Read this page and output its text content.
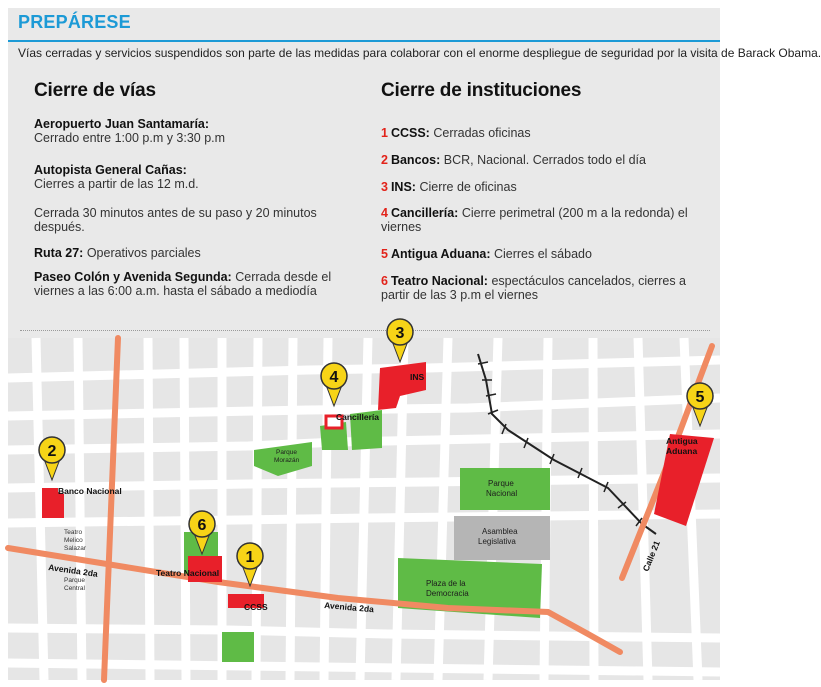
PREPÁRESE
Vías cerradas y servicios suspendidos son parte de las medidas para colaborar con el enorme despliegue de seguridad por la visita de Barack Obama.
Cierre de vías
Aeropuerto Juan Santamaría:
Cerrado entre 1:00 p.m y 3:30 p.m
Autopista General Cañas:
Cierres a partir de las 12 m.d.
Cerrada 30 minutos antes de su paso y 20 minutos después.
Ruta 27: Operativos parciales
Paseo Colón y Avenida Segunda: Cerrada desde el viernes a las 6:00 a.m. hasta el sábado a mediodía
Cierre de instituciones
1 CCSS: Cerradas oficinas
2 Bancos: BCR, Nacional. Cerrados todo el día
3 INS: Cierre de oficinas
4 Cancillería: Cierre perimetral (200 m a la redonda) el viernes
5 Antigua Aduana: Cierres el sábado
6 Teatro Nacional: espectáculos cancelados, cierres a partir de las 3 p.m el viernes
2
6
1
4
3
5
Banco Nacional
INS
Cancillería
Antigua
Aduana
Teatro Nacional
CCSS
Avenida 2da
Avenida 2da
Calle 21
Parque
Morazán
Parque
Nacional
Asamblea
Legislativa
Plaza de la
Democracia
Teatro
Melico
Salazar
Parque
Central
